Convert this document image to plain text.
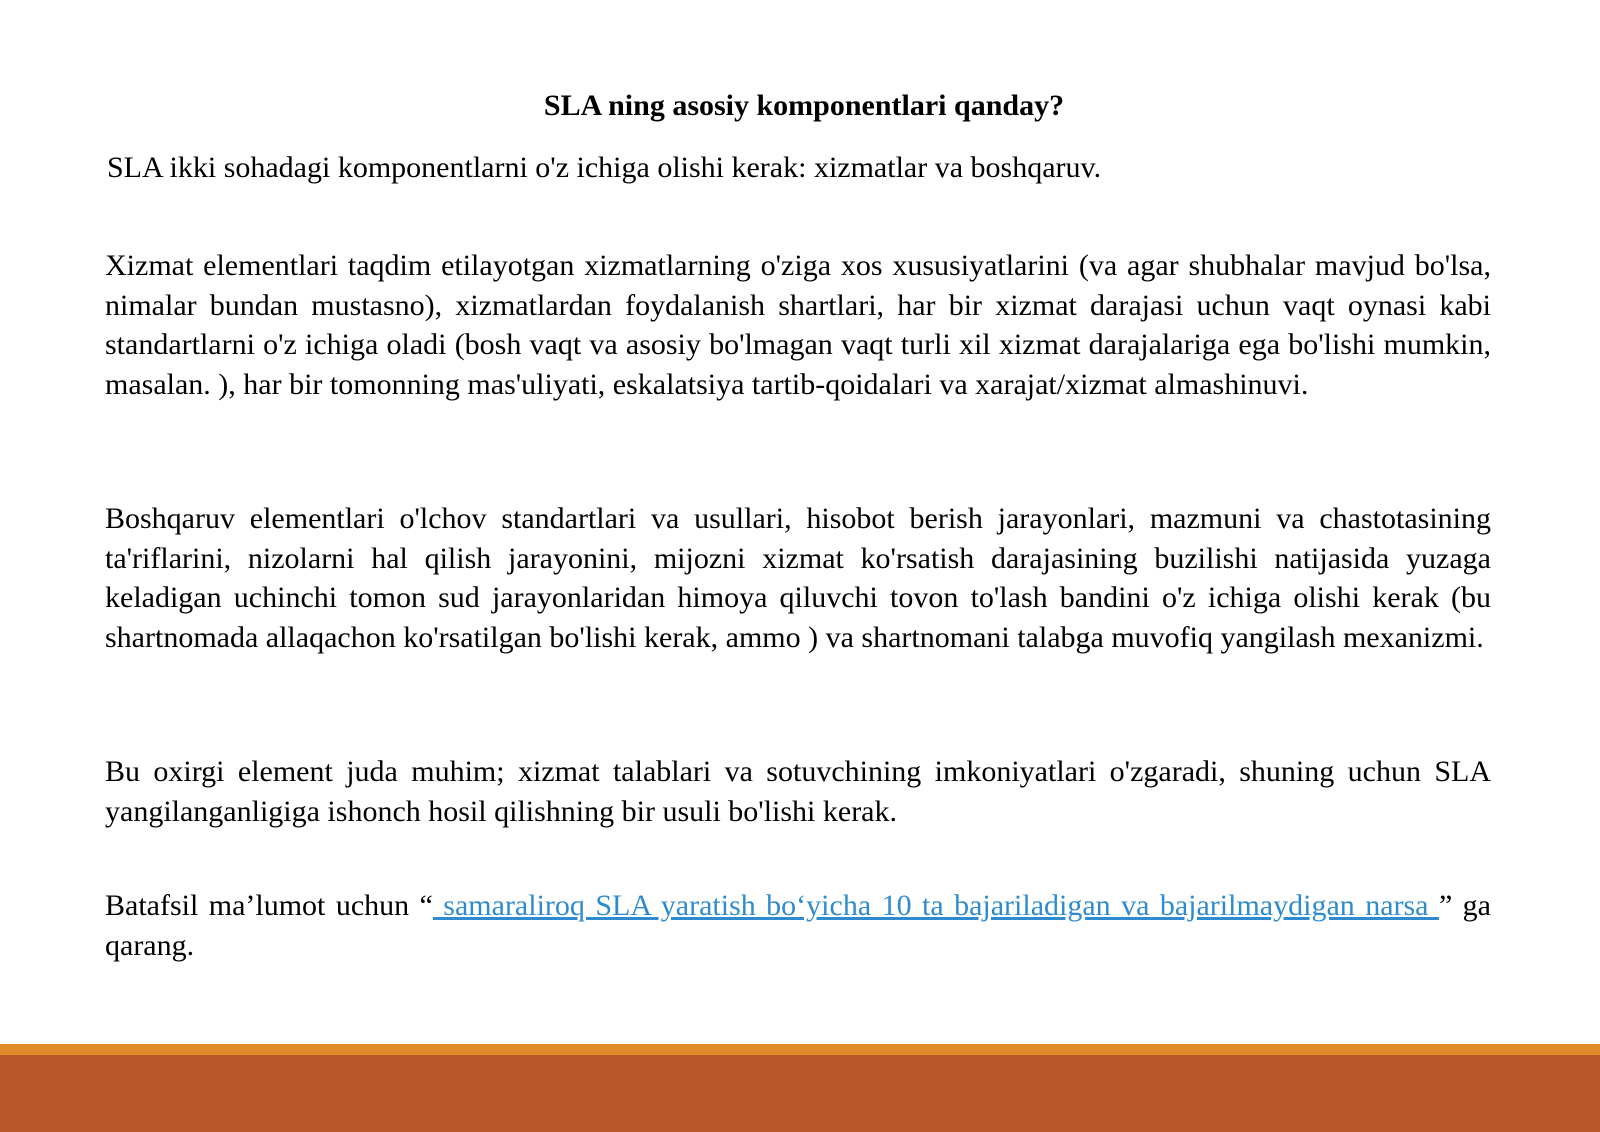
SLA ning asosiy komponentlari qanday?

SLA ikki sohadagi komponentlarni o'z ichiga olishi kerak: xizmatlar va boshqaruv.

Xizmat elementlari taqdim etilayotgan xizmatlarning o'ziga xos xususiyatlarini (va agar shubhalar mavjud bo'lsa, nimalar bundan mustasno), xizmatlardan foydalanish shartlari, har bir xizmat darajasi uchun vaqt oynasi kabi standartlarni o'z ichiga oladi (bosh vaqt va asosiy bo'lmagan vaqt turli xil xizmat darajalariga ega bo'lishi mumkin, masalan. ), har bir tomonning mas'uliyati, eskalatsiya tartib-qoidalari va xarajat/xizmat almashinuvi.

Boshqaruv elementlari o'lchov standartlari va usullari, hisobot berish jarayonlari, mazmuni va chastotasining ta'riflarini, nizolarni hal qilish jarayonini, mijozni xizmat ko'rsatish darajasining buzilishi natijasida yuzaga keladigan uchinchi tomon sud jarayonlaridan himoya qiluvchi tovon to'lash bandini o'z ichiga olishi kerak (bu shartnomada allaqachon ko'rsatilgan bo'lishi kerak, ammo ) va shartnomani talabga muvofiq yangilash mexanizmi.

Bu oxirgi element juda muhim; xizmat talablari va sotuvchining imkoniyatlari o'zgaradi, shuning uchun SLA yangilanganligiga ishonch hosil qilishning bir usuli bo'lishi kerak.

Batafsil ma’lumot uchun “ samaraliroq SLA yaratish bo‘yicha 10 ta bajariladigan va bajarilmaydigan narsa ” ga qarang.
